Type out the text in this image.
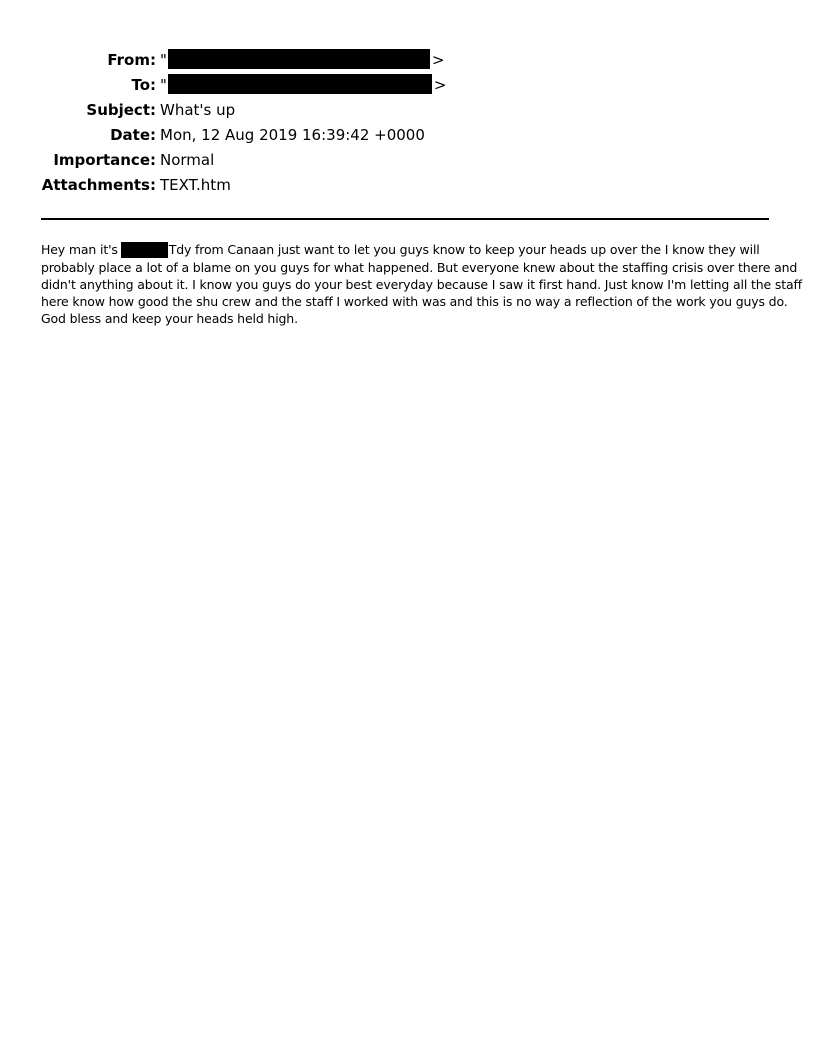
From: "	>
To: "	>
Subject: What's up
Date: Mon, 12 Aug 2019 16:39:42 +0000
Importance: Normal
Attachments: TEXT.htm
Hey man it's	Tdy from Canaan just want to let you guys know to keep your heads up over the I know they will
probably place a lot of a blame on you guys for what happened. But everyone knew about the staffing crisis over there and
didn't anything about it. I know you guys do your best everyday because I saw it first hand. Just know I'm letting all the staff
here know how good the shu crew and the staff I worked with was and this is no way a reflection of the work you guys do.
God bless and keep your heads held high.
